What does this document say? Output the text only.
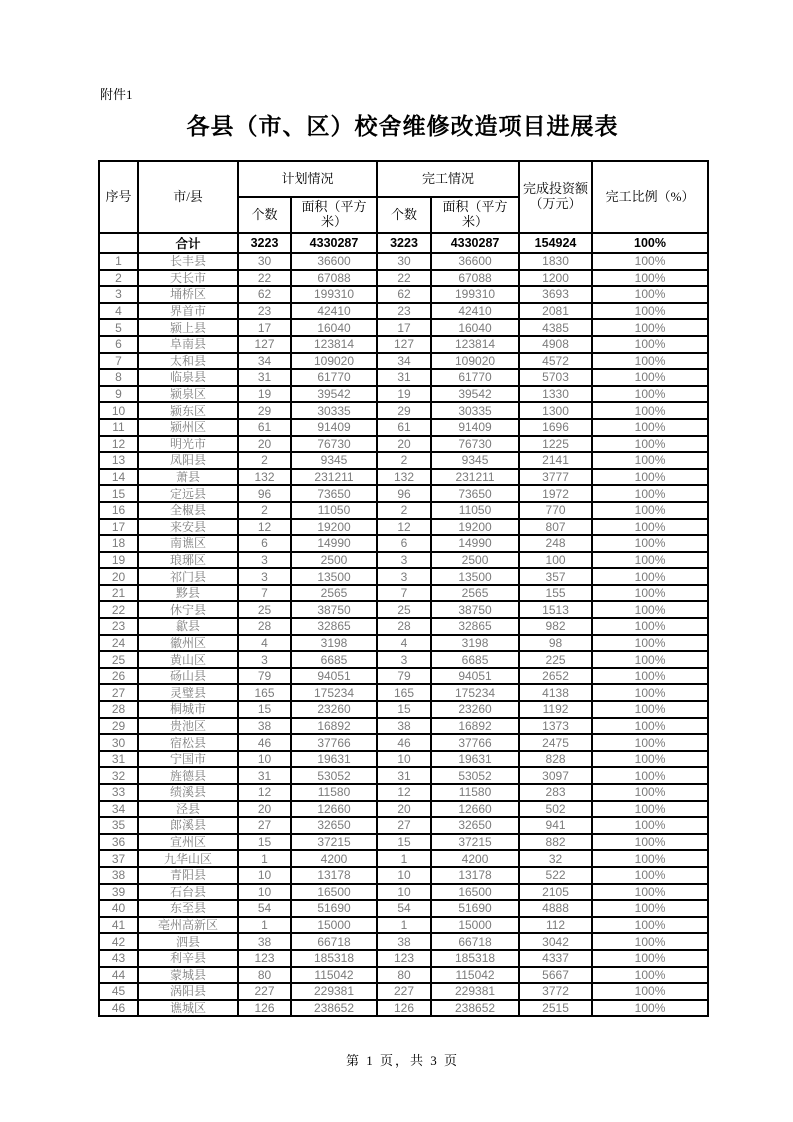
附件1
各县（市、区）校舍维修改造项目进展表
序号	市/县	计划情况		完工情况		完成投资额（万元）	完工比例（%）
		个数	面积（平方米）	个数	面积（平方米）		
	合计	3223	4330287	3223	4330287	154924	100%
1	长丰县	30	36600	30	36600	1830	100%
2	天长市	22	67088	22	67088	1200	100%
3	埇桥区	62	199310	62	199310	3693	100%
4	界首市	23	42410	23	42410	2081	100%
5	颍上县	17	16040	17	16040	4385	100%
6	阜南县	127	123814	127	123814	4908	100%
7	太和县	34	109020	34	109020	4572	100%
8	临泉县	31	61770	31	61770	5703	100%
9	颍泉区	19	39542	19	39542	1330	100%
10	颍东区	29	30335	29	30335	1300	100%
11	颍州区	61	91409	61	91409	1696	100%
12	明光市	20	76730	20	76730	1225	100%
13	凤阳县	2	9345	2	9345	2141	100%
14	萧县	132	231211	132	231211	3777	100%
15	定远县	96	73650	96	73650	1972	100%
16	全椒县	2	11050	2	11050	770	100%
17	来安县	12	19200	12	19200	807	100%
18	南谯区	6	14990	6	14990	248	100%
19	琅琊区	3	2500	3	2500	100	100%
20	祁门县	3	13500	3	13500	357	100%
21	黟县	7	2565	7	2565	155	100%
22	休宁县	25	38750	25	38750	1513	100%
23	歙县	28	32865	28	32865	982	100%
24	徽州区	4	3198	4	3198	98	100%
25	黄山区	3	6685	3	6685	225	100%
26	砀山县	79	94051	79	94051	2652	100%
27	灵璧县	165	175234	165	175234	4138	100%
28	桐城市	15	23260	15	23260	1192	100%
29	贵池区	38	16892	38	16892	1373	100%
30	宿松县	46	37766	46	37766	2475	100%
31	宁国市	10	19631	10	19631	828	100%
32	旌德县	31	53052	31	53052	3097	100%
33	绩溪县	12	11580	12	11580	283	100%
34	泾县	20	12660	20	12660	502	100%
35	郎溪县	27	32650	27	32650	941	100%
36	宣州区	15	37215	15	37215	882	100%
37	九华山区	1	4200	1	4200	32	100%
38	青阳县	10	13178	10	13178	522	100%
39	石台县	10	16500	10	16500	2105	100%
40	东至县	54	51690	54	51690	4888	100%
41	亳州高新区	1	15000	1	15000	112	100%
42	泗县	38	66718	38	66718	3042	100%
43	利辛县	123	185318	123	185318	4337	100%
44	蒙城县	80	115042	80	115042	5667	100%
45	涡阳县	227	229381	227	229381	3772	100%
46	谯城区	126	238652	126	238652	2515	100%
第 1 页，共 3 页
